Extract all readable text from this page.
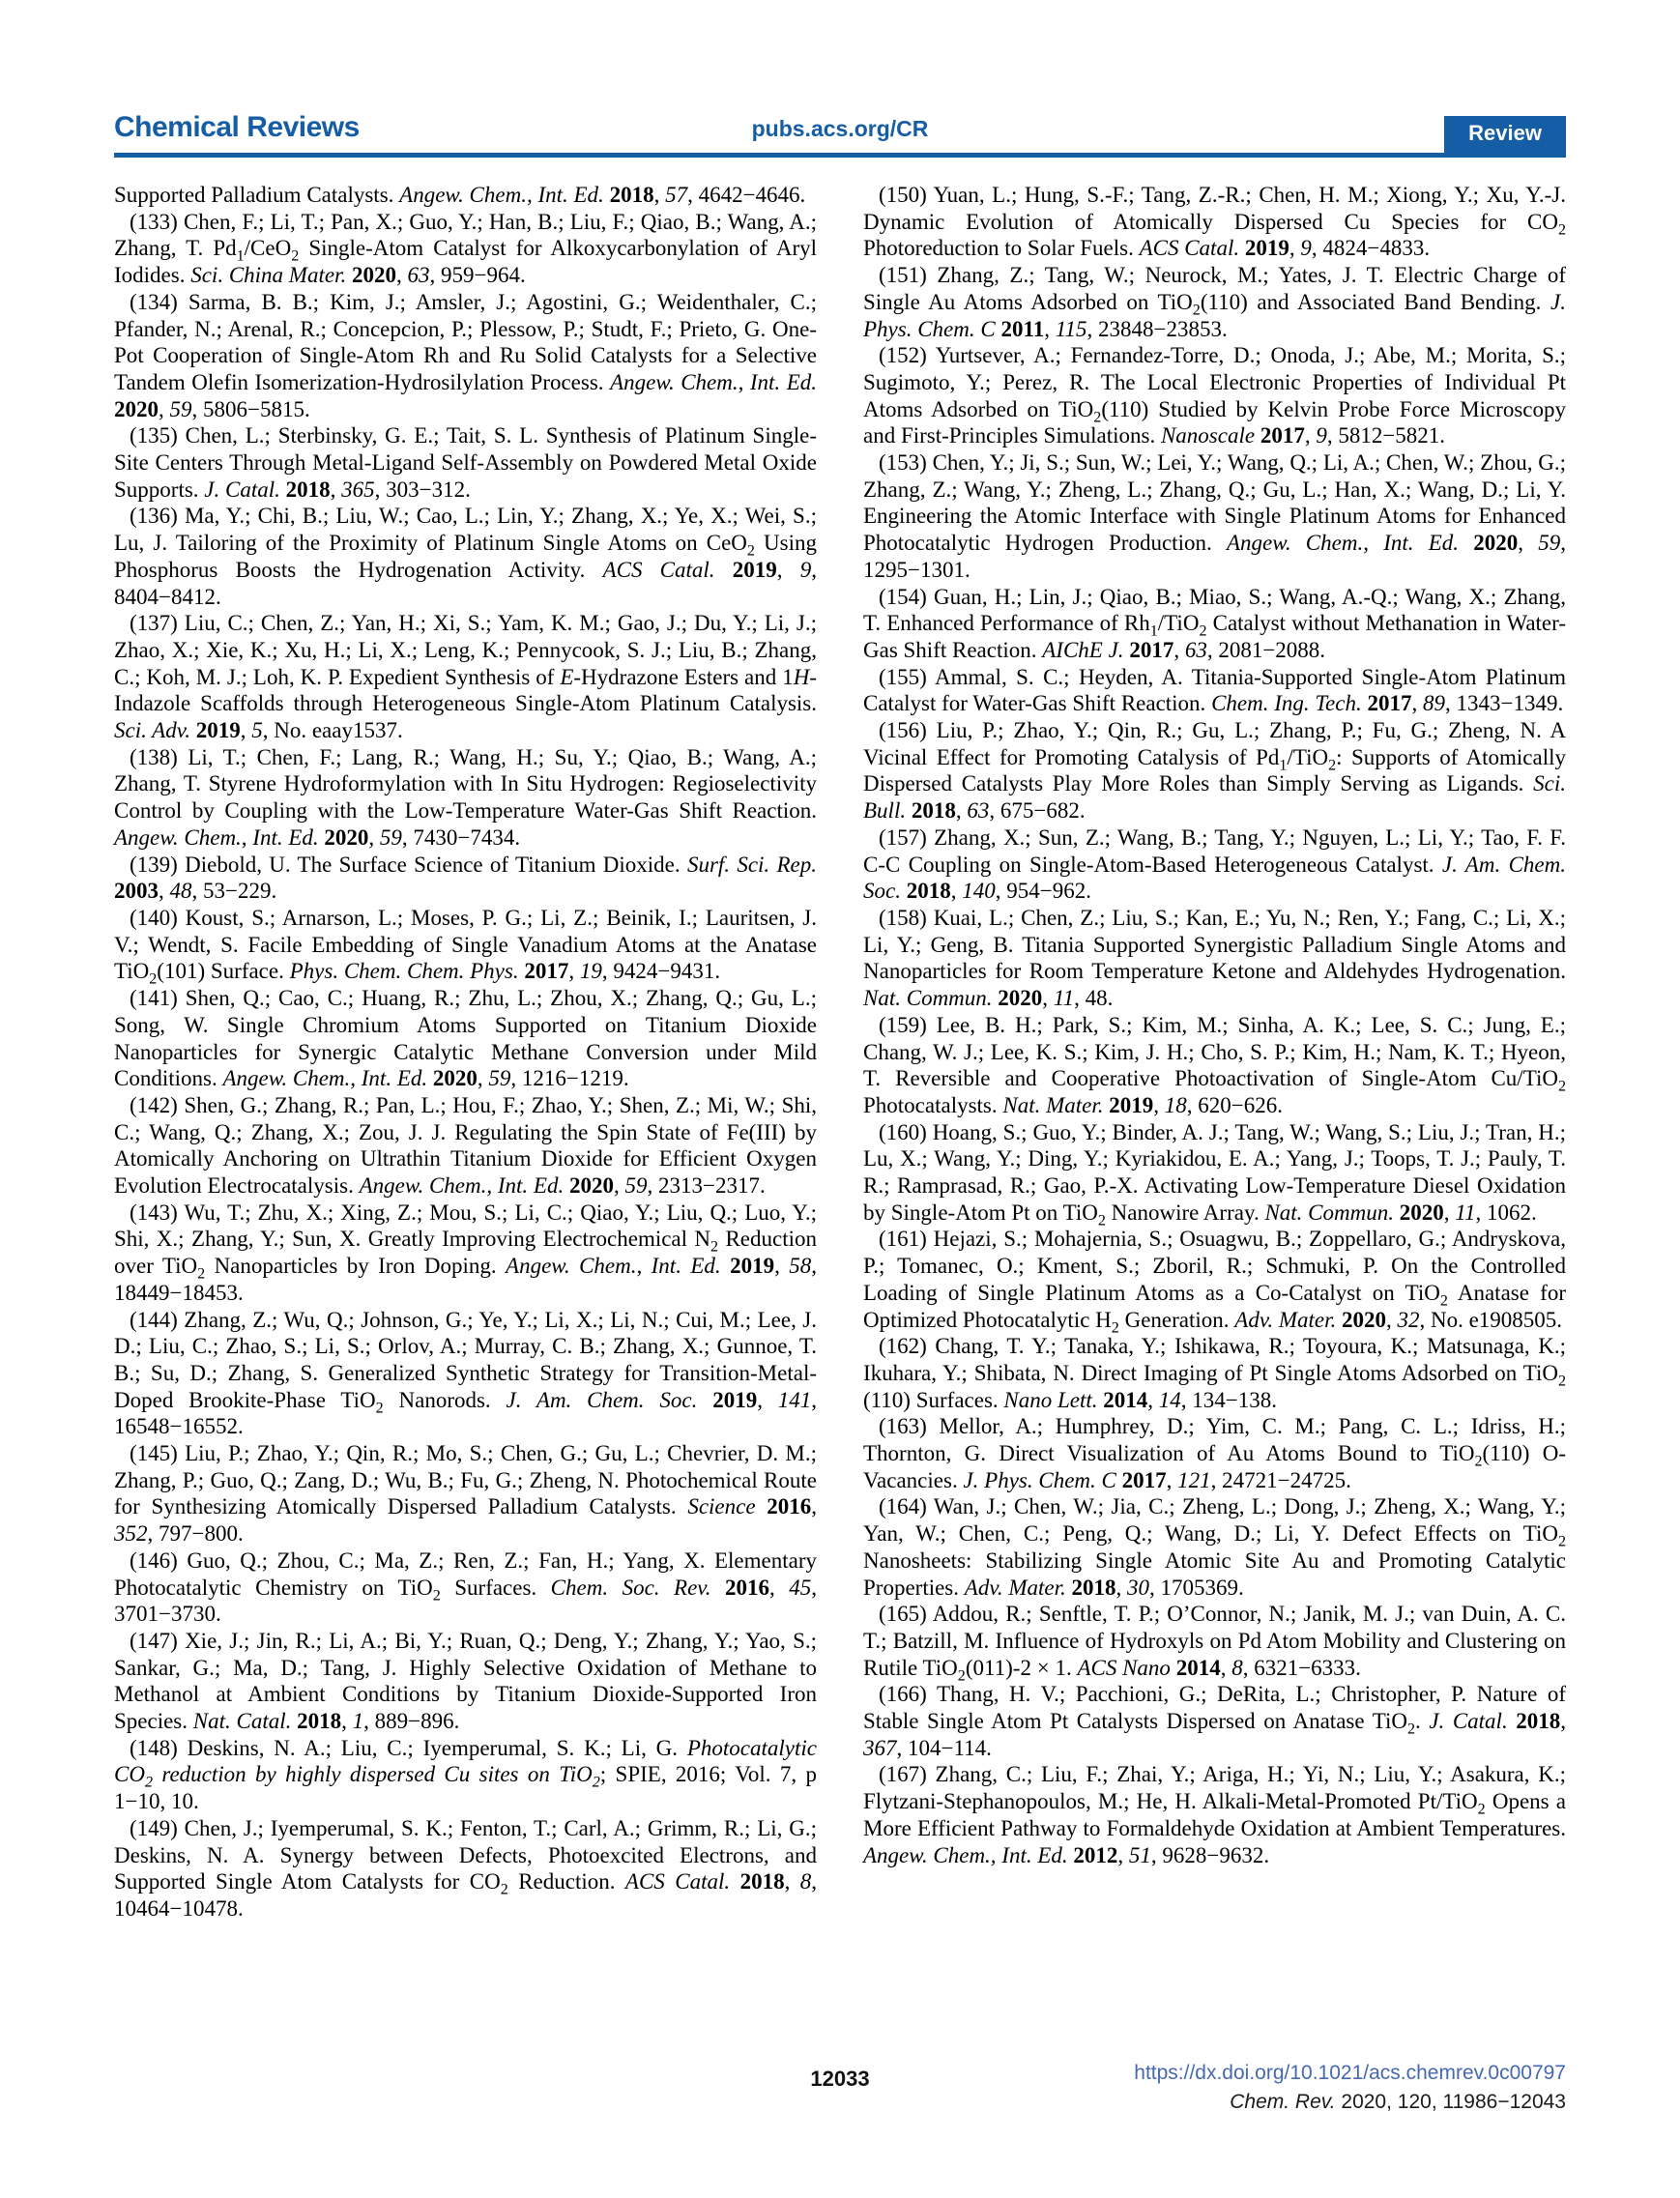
Chemical Reviews	pubs.acs.org/CR	Review

Supported Palladium Catalysts. Angew. Chem., Int. Ed. 2018, 57, 4642−4646.

(133) Chen, F.; Li, T.; Pan, X.; Guo, Y.; Han, B.; Liu, F.; Qiao, B.; Wang, A.; Zhang, T. $Pd_1/CeO_2$ Single-Atom Catalyst for Alkoxycarbonylation of Aryl Iodides. Sci. China Mater. 2020, 63, 959−964.

(134) Sarma, B. B.; Kim, J.; Amsler, J.; Agostini, G.; Weidenthaler, C.; Pfander, N.; Arenal, R.; Concepcion, P.; Plessow, P.; Studt, F.; Prieto, G. One-Pot Cooperation of Single-Atom Rh and Ru Solid Catalysts for a Selective Tandem Olefin Isomerization-Hydrosilylation Process. Angew. Chem., Int. Ed. 2020, 59, 5806−5815.

(135) Chen, L.; Sterbinsky, G. E.; Tait, S. L. Synthesis of Platinum Single-Site Centers Through Metal-Ligand Self-Assembly on Powdered Metal Oxide Supports. J. Catal. 2018, 365, 303−312.

(136) Ma, Y.; Chi, B.; Liu, W.; Cao, L.; Lin, Y.; Zhang, X.; Ye, X.; Wei, S.; Lu, J. Tailoring of the Proximity of Platinum Single Atoms on CeO$_2$ Using Phosphorus Boosts the Hydrogenation Activity. ACS Catal. 2019, 9, 8404−8412.

(137) Liu, C.; Chen, Z.; Yan, H.; Xi, S.; Yam, K. M.; Gao, J.; Du, Y.; Li, J.; Zhao, X.; Xie, K.; Xu, H.; Li, X.; Leng, K.; Pennycook, S. J.; Liu, B.; Zhang, C.; Koh, M. J.; Loh, K. P. Expedient Synthesis of E-Hydrazone Esters and 1H-Indazole Scaffolds through Heterogeneous Single-Atom Platinum Catalysis. Sci. Adv. 2019, 5, No. eaay1537.

(138) Li, T.; Chen, F.; Lang, R.; Wang, H.; Su, Y.; Qiao, B.; Wang, A.; Zhang, T. Styrene Hydroformylation with In Situ Hydrogen: Regioselectivity Control by Coupling with the Low-Temperature Water-Gas Shift Reaction. Angew. Chem., Int. Ed. 2020, 59, 7430−7434.

(139) Diebold, U. The Surface Science of Titanium Dioxide. Surf. Sci. Rep. 2003, 48, 53−229.

(140) Koust, S.; Arnarson, L.; Moses, P. G.; Li, Z.; Beinik, I.; Lauritsen, J. V.; Wendt, S. Facile Embedding of Single Vanadium Atoms at the Anatase TiO$_2$(101) Surface. Phys. Chem. Chem. Phys. 2017, 19, 9424−9431.

(141) Shen, Q.; Cao, C.; Huang, R.; Zhu, L.; Zhou, X.; Zhang, Q.; Gu, L.; Song, W. Single Chromium Atoms Supported on Titanium Dioxide Nanoparticles for Synergic Catalytic Methane Conversion under Mild Conditions. Angew. Chem., Int. Ed. 2020, 59, 1216−1219.

(142) Shen, G.; Zhang, R.; Pan, L.; Hou, F.; Zhao, Y.; Shen, Z.; Mi, W.; Shi, C.; Wang, Q.; Zhang, X.; Zou, J. J. Regulating the Spin State of Fe(III) by Atomically Anchoring on Ultrathin Titanium Dioxide for Efficient Oxygen Evolution Electrocatalysis. Angew. Chem., Int. Ed. 2020, 59, 2313−2317.

(143) Wu, T.; Zhu, X.; Xing, Z.; Mou, S.; Li, C.; Qiao, Y.; Liu, Q.; Luo, Y.; Shi, X.; Zhang, Y.; Sun, X. Greatly Improving Electrochemical $N_2$ Reduction over TiO$_2$ Nanoparticles by Iron Doping. Angew. Chem., Int. Ed. 2019, 58, 18449−18453.

(144) Zhang, Z.; Wu, Q.; Johnson, G.; Ye, Y.; Li, X.; Li, N.; Cui, M.; Lee, J. D.; Liu, C.; Zhao, S.; Li, S.; Orlov, A.; Murray, C. B.; Zhang, X.; Gunnoe, T. B.; Su, D.; Zhang, S. Generalized Synthetic Strategy for Transition-Metal-Doped Brookite-Phase TiO$_2$ Nanorods. J. Am. Chem. Soc. 2019, 141, 16548−16552.

(145) Liu, P.; Zhao, Y.; Qin, R.; Mo, S.; Chen, G.; Gu, L.; Chevrier, D. M.; Zhang, P.; Guo, Q.; Zang, D.; Wu, B.; Fu, G.; Zheng, N. Photochemical Route for Synthesizing Atomically Dispersed Palladium Catalysts. Science 2016, 352, 797−800.

(146) Guo, Q.; Zhou, C.; Ma, Z.; Ren, Z.; Fan, H.; Yang, X. Elementary Photocatalytic Chemistry on TiO$_2$ Surfaces. Chem. Soc. Rev. 2016, 45, 3701−3730.

(147) Xie, J.; Jin, R.; Li, A.; Bi, Y.; Ruan, Q.; Deng, Y.; Zhang, Y.; Yao, S.; Sankar, G.; Ma, D.; Tang, J. Highly Selective Oxidation of Methane to Methanol at Ambient Conditions by Titanium Dioxide-Supported Iron Species. Nat. Catal. 2018, 1, 889−896.

(148) Deskins, N. A.; Liu, C.; Iyemperumal, S. K.; Li, G. Photocatalytic $CO_2$ reduction by highly dispersed Cu sites on TiO$_2$; SPIE, 2016; Vol. 7, p 1−10, 10.

(149) Chen, J.; Iyemperumal, S. K.; Fenton, T.; Carl, A.; Grimm, R.; Li, G.; Deskins, N. A. Synergy between Defects, Photoexcited Electrons, and Supported Single Atom Catalysts for $CO_2$ Reduction. ACS Catal. 2018, 8, 10464−10478.

(150) Yuan, L.; Hung, S.-F.; Tang, Z.-R.; Chen, H. M.; Xiong, Y.; Xu, Y.-J. Dynamic Evolution of Atomically Dispersed Cu Species for $CO_2$ Photoreduction to Solar Fuels. ACS Catal. 2019, 9, 4824−4833.

(151) Zhang, Z.; Tang, W.; Neurock, M.; Yates, J. T. Electric Charge of Single Au Atoms Adsorbed on TiO$_2$(110) and Associated Band Bending. J. Phys. Chem. C 2011, 115, 23848−23853.

(152) Yurtsever, A.; Fernandez-Torre, D.; Onoda, J.; Abe, M.; Morita, S.; Sugimoto, Y.; Perez, R. The Local Electronic Properties of Individual Pt Atoms Adsorbed on TiO$_2$(110) Studied by Kelvin Probe Force Microscopy and First-Principles Simulations. Nanoscale 2017, 9, 5812−5821.

(153) Chen, Y.; Ji, S.; Sun, W.; Lei, Y.; Wang, Q.; Li, A.; Chen, W.; Zhou, G.; Zhang, Z.; Wang, Y.; Zheng, L.; Zhang, Q.; Gu, L.; Han, X.; Wang, D.; Li, Y. Engineering the Atomic Interface with Single Platinum Atoms for Enhanced Photocatalytic Hydrogen Production. Angew. Chem., Int. Ed. 2020, 59, 1295−1301.

(154) Guan, H.; Lin, J.; Qiao, B.; Miao, S.; Wang, A.-Q.; Wang, X.; Zhang, T. Enhanced Performance of $Rh_1/TiO_2$ Catalyst without Methanation in Water-Gas Shift Reaction. AIChE J. 2017, 63, 2081−2088.

(155) Ammal, S. C.; Heyden, A. Titania-Supported Single-Atom Platinum Catalyst for Water-Gas Shift Reaction. Chem. Ing. Tech. 2017, 89, 1343−1349.

(156) Liu, P.; Zhao, Y.; Qin, R.; Gu, L.; Zhang, P.; Fu, G.; Zheng, N. A Vicinal Effect for Promoting Catalysis of $Pd_1/TiO_2$: Supports of Atomically Dispersed Catalysts Play More Roles than Simply Serving as Ligands. Sci. Bull. 2018, 63, 675−682.

(157) Zhang, X.; Sun, Z.; Wang, B.; Tang, Y.; Nguyen, L.; Li, Y.; Tao, F. F. C-C Coupling on Single-Atom-Based Heterogeneous Catalyst. J. Am. Chem. Soc. 2018, 140, 954−962.

(158) Kuai, L.; Chen, Z.; Liu, S.; Kan, E.; Yu, N.; Ren, Y.; Fang, C.; Li, X.; Li, Y.; Geng, B. Titania Supported Synergistic Palladium Single Atoms and Nanoparticles for Room Temperature Ketone and Aldehydes Hydrogenation. Nat. Commun. 2020, 11, 48.

(159) Lee, B. H.; Park, S.; Kim, M.; Sinha, A. K.; Lee, S. C.; Jung, E.; Chang, W. J.; Lee, K. S.; Kim, J. H.; Cho, S. P.; Kim, H.; Nam, K. T.; Hyeon, T. Reversible and Cooperative Photoactivation of Single-Atom Cu/TiO$_2$ Photocatalysts. Nat. Mater. 2019, 18, 620−626.

(160) Hoang, S.; Guo, Y.; Binder, A. J.; Tang, W.; Wang, S.; Liu, J.; Tran, H.; Lu, X.; Wang, Y.; Ding, Y.; Kyriakidou, E. A.; Yang, J.; Toops, T. J.; Pauly, T. R.; Ramprasad, R.; Gao, P.-X. Activating Low-Temperature Diesel Oxidation by Single-Atom Pt on TiO$_2$ Nanowire Array. Nat. Commun. 2020, 11, 1062.

(161) Hejazi, S.; Mohajernia, S.; Osuagwu, B.; Zoppellaro, G.; Andryskova, P.; Tomanec, O.; Kment, S.; Zboril, R.; Schmuki, P. On the Controlled Loading of Single Platinum Atoms as a Co-Catalyst on TiO$_2$ Anatase for Optimized Photocatalytic $H_2$ Generation. Adv. Mater. 2020, 32, No. e1908505.

(162) Chang, T. Y.; Tanaka, Y.; Ishikawa, R.; Toyoura, K.; Matsunaga, K.; Ikuhara, Y.; Shibata, N. Direct Imaging of Pt Single Atoms Adsorbed on TiO$_2$ (110) Surfaces. Nano Lett. 2014, 14, 134−138.

(163) Mellor, A.; Humphrey, D.; Yim, C. M.; Pang, C. L.; Idriss, H.; Thornton, G. Direct Visualization of Au Atoms Bound to TiO$_2$(110) O-Vacancies. J. Phys. Chem. C 2017, 121, 24721−24725.

(164) Wan, J.; Chen, W.; Jia, C.; Zheng, L.; Dong, J.; Zheng, X.; Wang, Y.; Yan, W.; Chen, C.; Peng, Q.; Wang, D.; Li, Y. Defect Effects on TiO$_2$ Nanosheets: Stabilizing Single Atomic Site Au and Promoting Catalytic Properties. Adv. Mater. 2018, 30, 1705369.

(165) Addou, R.; Senftle, T. P.; O’Connor, N.; Janik, M. J.; van Duin, A. C. T.; Batzill, M. Influence of Hydroxyls on Pd Atom Mobility and Clustering on Rutile TiO$_2$(011)-2 × 1. ACS Nano 2014, 8, 6321−6333.

(166) Thang, H. V.; Pacchioni, G.; DeRita, L.; Christopher, P. Nature of Stable Single Atom Pt Catalysts Dispersed on Anatase TiO$_2$. J. Catal. 2018, 367, 104−114.

(167) Zhang, C.; Liu, F.; Zhai, Y.; Ariga, H.; Yi, N.; Liu, Y.; Asakura, K.; Flytzani-Stephanopoulos, M.; He, H. Alkali-Metal-Promoted Pt/TiO$_2$ Opens a More Efficient Pathway to Formaldehyde Oxidation at Ambient Temperatures. Angew. Chem., Int. Ed. 2012, 51, 9628−9632.

12033	https://dx.doi.org/10.1021/acs.chemrev.0c00797
Chem. Rev. 2020, 120, 11986−12043
